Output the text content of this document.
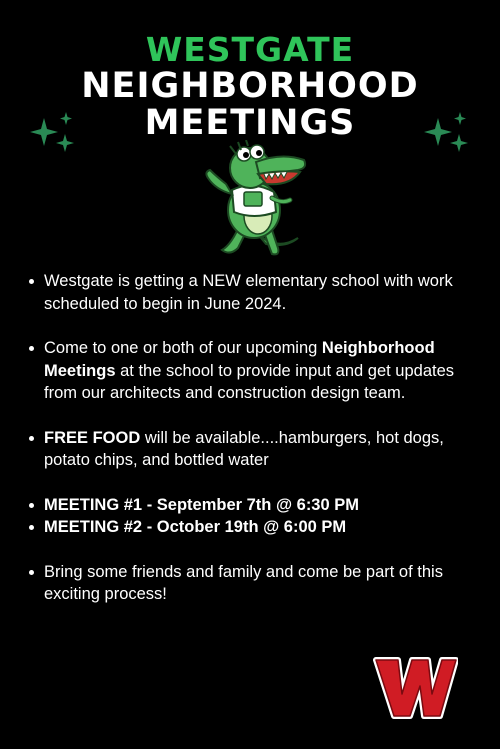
WESTGATE
NEIGHBORHOOD
MEETINGS
Westgate is getting a NEW elementary school with work scheduled to begin in June 2024.
Come to one or both of our upcoming Neighborhood Meetings at the school to provide input and get updates from our architects and construction design team.
FREE FOOD will be available....hamburgers, hot dogs, potato chips, and bottled water
MEETING #1 - September 7th @ 6:30 PM
MEETING #2 - October 19th @ 6:00 PM
Bring some friends and family and come be part of this exciting process!
